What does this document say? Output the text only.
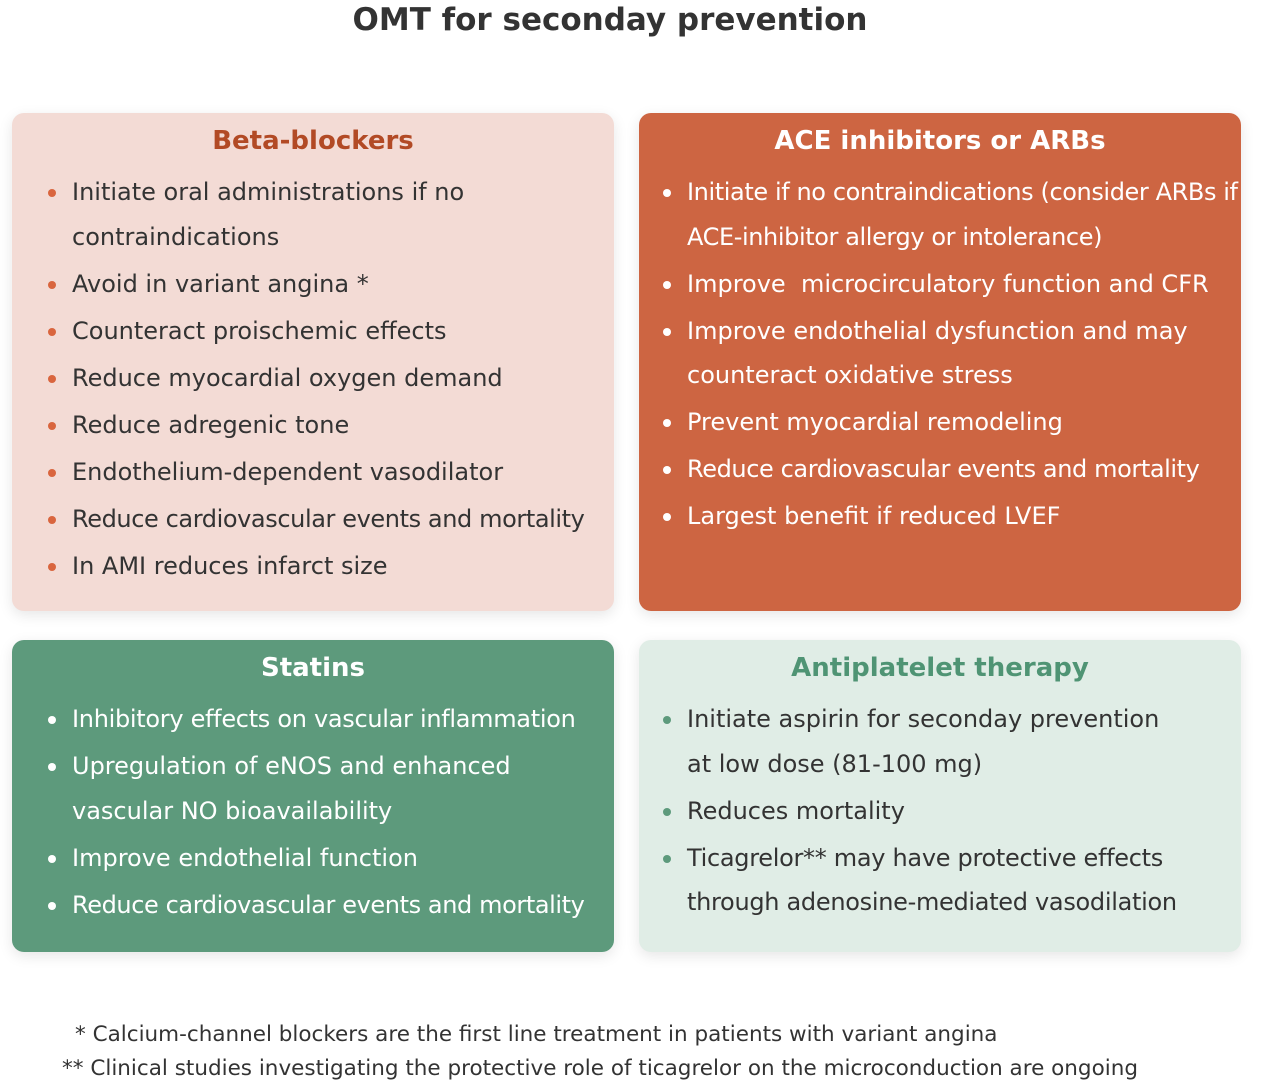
OMT for seconday prevention
Beta-blockers
Initiate oral administrations if no contraindications
Avoid in variant angina *
Counteract proischemic effects
Reduce myocardial oxygen demand
Reduce adregenic tone
Endothelium-dependent vasodilator
Reduce cardiovascular events and mortality
In AMI reduces infarct size
ACE inhibitors or ARBs
Initiate if no contraindications (consider ARBs if ACE-inhibitor allergy or intolerance)
Improve  microcirculatory function and CFR
Improve endothelial dysfunction and may counteract oxidative stress
Prevent myocardial remodeling
Reduce cardiovascular events and mortality
Largest benefit if reduced LVEF
Statins
Inhibitory effects on vascular inflammation
Upregulation of eNOS and enhanced vascular NO bioavailability
Improve endothelial function
Reduce cardiovascular events and mortality
Antiplatelet therapy
Initiate aspirin for seconday prevention at low dose (81-100 mg)
Reduces mortality
Ticagrelor** may have protective effects through adenosine-mediated vasodilation
* Calcium-channel blockers are the first line treatment in patients with variant angina
** Clinical studies investigating the protective role of ticagrelor on the microconduction are ongoing
